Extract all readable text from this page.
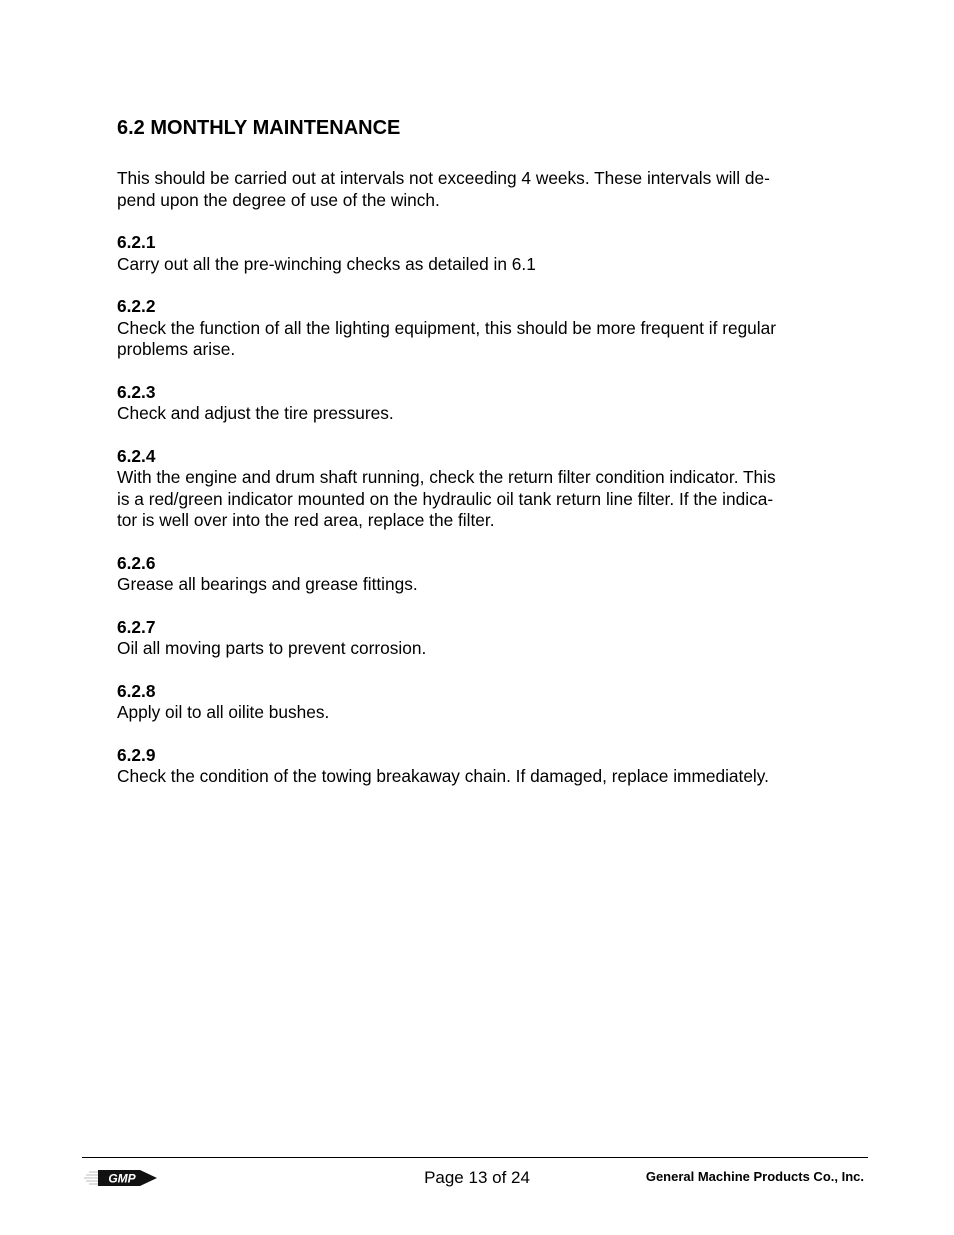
6.2 MONTHLY MAINTENANCE

This should be carried out at intervals not exceeding 4 weeks. These intervals will de-
pend upon the degree of use of the winch.

6.2.1

Carry out all the pre-winching checks as detailed in 6.1

6.2.2

Check the function of all the lighting equipment, this should be more frequent if regular
problems arise.

6.2.3

Check and adjust the tire pressures.

6.2.4

With the engine and drum shaft running, check the return filter condition indicator. This
is a red/green indicator mounted on the hydraulic oil tank return line filter. If the indica-
tor is well over into the red area, replace the filter.

6.2.6

Grease all bearings and grease fittings.

6.2.7

Oil all moving parts to prevent corrosion.

6.2.8

Apply oil to all oilite bushes.

6.2.9

Check the condition of the towing breakaway chain. If damaged, replace immediately.

GMP	Page 13 of 24	General Machine Products Co., Inc.
